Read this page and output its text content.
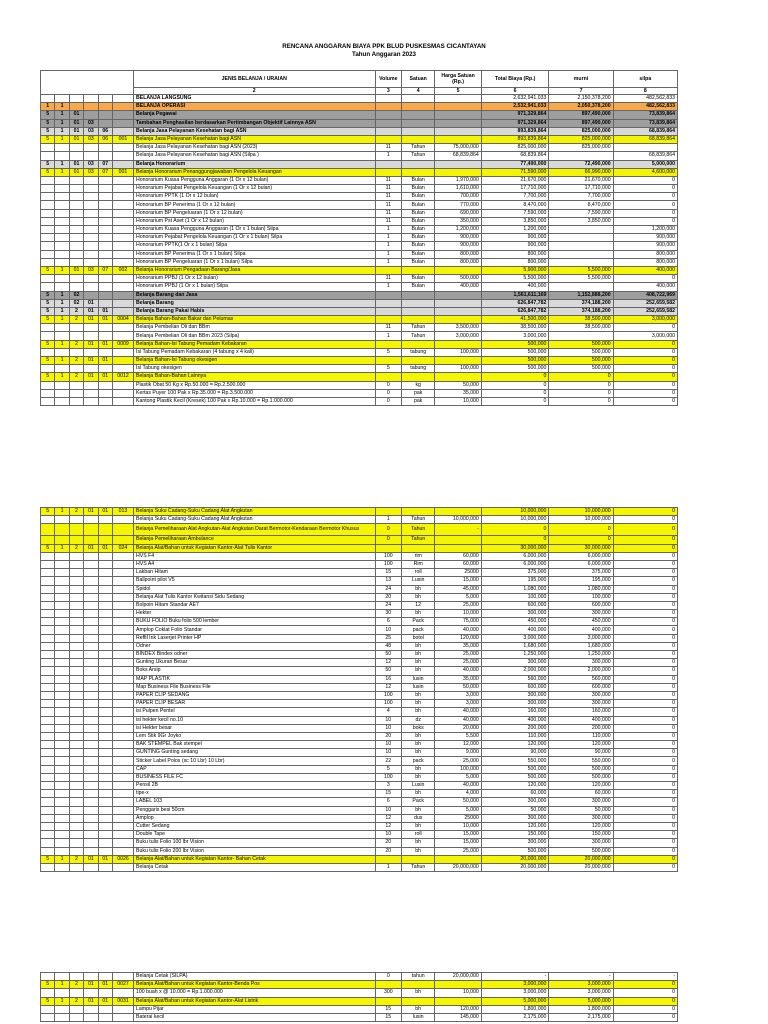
RENCANA ANGGARAN BIAYA PPK BLUD PUSKESMAS CICANTAYAN
Tahun Anggaran 2023
						JENIS BELANJA / URAIAN	Volume	Satuan	Harga Satuan (Rp.)	Total Biaya (Rp.)	murni	silpa
						2	3	4	5	6	7	8
						BELANJA LANGSUNG				2,632,941,033	2,150,378,200	482,562,833
1	1					BELANJA OPERASI				2,532,941,033	2,050,378,200	482,562,833
5	1	01				Belanja Pegawai				971,329,864	897,490,000	73,839,864
5	1	01	03			Tambahan Penghasilan berdasarkan Pertimbangan Objektif Lainnya ASN				971,329,864	897,490,000	73,839,864
5	1	01	03	06		Belanja Jasa Pelayanan Kesehatan bagi ASN				893,839,864	825,000,000	68,839,864
5	1	01	03	06	001	Belanja Jasa Pelayanan Kesehatan bagi ASN				893,839,864	825,000,000	68,839,864
						Belanja Jasa Pelayanan Kesehatan bagi ASN (2023)	11	Tahun	75,000,000	825,000,000	825,000,000	
						Belanja Jasa Pelayanan Kesehatan bagi ASN (Silpa )	1	Tahun	68,839,864	68,839,864		68,839,864
5	1	01	03	07		Belanja Honorarium				77,490,000	72,490,000	5,000,000
5	1	01	03	07	001	Belanja Honorarium Penanggungjawaban Pengelola Keuangan				71,590,000	66,990,000	4,600,000
						Honorarium Kuasa Pengguna Anggaran (1 Or x 12 bulan)	11	Bulan	1,970,000	21,670,000	21,670,000	0
						Honorarium Pejabat Pengelola Keuangan (1 Or x 12 bulan)	11	Bulan	1,610,000	17,710,000	17,710,000	0
						Honorarium PPTK (1 Or x 12 bulan)	11	Bulan	700,000	7,700,000	7,700,000	0
						Honorarium BP Penerima (1 Or x 12 bulan)	11	Bulan	770,000	8,470,000	8,470,000	0
						Honorarium BP Pengeluaran (1 Or x 12 bulan)	11	Bulan	690,000	7,590,000	7,590,000	0
						Honorarium Pst Aset (1 Or x 12 bulan)	11	Bulan	350,000	3,850,000	3,850,000	0
						Honorarium Kuasa Pengguna Anggaran (1 Or x 1 bulan) Silpa	1	Bulan	1,200,000	1,200,000		1,200,000
						Honorarium Pejabat Pengelola Keuangan (1 Or x 1 bulan) Silpa	1	Bulan	900,000	900,000		900,000
						Honorarium PPTK(1 Or x 1 bulan) Silpa	1	Bulan	900,000	900,000		900,000
						Honorarium BP Penerima (1 Or x 1 bulan) Silpa	1	Bulan	800,000	800,000		800,000
						Honorarium BP Pengeluaran (1 Or x 1 bulan) Silpa	1	Bulan	800,000	800,000		800,000
5	1	01	03	07	002	Belanja Honorarium Pengadaan Barang/Jasa				5,900,000	5,500,000	400,000
						Honorarium PPBJ (1 Or x 12 bulan)	11	Bulan	500,000	5,500,000	5,500,000	0
						Honorarium PPBJ (1 Or x 1 bulan) Silpa	1	Bulan	400,000	400,000		400,000
5	1	02				Belanja Barang dan Jasa				1,561,611,169	1,152,888,200	408,722,969
5	1	02	01			Belanja Barang				626,847,782	374,188,200	252,659,582
5	1	2	01	01		Belanja Barang Pakai Habis				626,847,782	374,188,200	252,659,582
5	1	2	01	01	0004	Belanja Bahan-Bahan Bakar dan Pelumas				41,500,000	38,500,000	3,000,000
						Belanja Pembelian Oli dan BBm	11	Tahun	3,500,000	38,500,000	38,500,000	0
						Belanja Pembelian Oli dan BBm 2023 (Silpa)	1	Tahun	3,000,000	3,000,000		3,000,000
5	1	2	01	01	0009	Belanja Bahan-Isi Tabung Pemadam Kebakaran				500,000	500,000	0
						Isi Tabung Pemadam Kebakaran (4 tabung x 4 kali)	5	tabung	100,000	500,000	500,000	0
5	1	2	01	01		Belanja Bahan-Isi Tabung okesigen				500,000	500,000	0
						Isi Tabung okesigen	5	tabung	100,000	500,000	500,000	0
5	1	2	01	01	0012	Belanja Bahan-Bahan Lainnya				0	0	0
						Plastik Obat 50 Kg x Rp.50.000 = Rp.2.500.000	0	kg	50,000	0	0	0
						Kertas Puyer 100 Pak x Rp.35.000 = Rp.3.500.000	0	pak	35,000	0	0	0
						Kantong Plastik Kecil (Kresek) 100 Pak x Rp.10.000 = Rp.1.000.000	0	pak	10,000	0	0	0
5	1	2	01	01	013	Belanja Suku Cadang-Suku Cadang Alat Angkutan				10,000,000	10,000,000	0
						Belanja Suku Cadang-Suku Cadang Alat Angkutan	1	Tahun	10,000,000	10,000,000	10,000,000	0
						Belanja Pemeliharaan Alat Angkutan-Alat Angkutan Darat Bermotor-Kendaraan Bermotor Khusus	0	Tahun	-	0	0	0
						Belanja Pemeliharaan Ambulance	0	Tahun		0	0	0
5	1	2	01	01	024	Belanja Alat/Bahan untuk Kegiatan Kantor-Alat Tulis Kantor				30,000,000	30,000,000	0
						HVS F4	100	rim	60,000	6,000,000	6,000,000	0
						HVS A4	100	Rim	60,000	6,000,000	6,000,000	0
						Lakban Hitam	15	roll	25000	375,000	375,000	0
						Ballpoint pilot V5	13	Lusin	15,000	195,000	195,000	0
						Spidol	24	bh	45,000	1,080,000	1,080,000	0
						Belanja Alat Tulis Kantor Kwitansi Sidu Sedang	20	bh	5,000	100,000	100,000	0
						Bolpoin Hitam Standar AE7	24	12	25,000	600,000	600,000	0
						Hekter	30	bh	10,000	300,000	300,000	0
						BUKU FOLIO Buku folio 500 lember	6	Pack	75,000	450,000	450,000	0
						Amplop Coklat Folio Standar	10	pack	40,000	400,000	400,000	0
						Reffil Ink Laserjet Printer HP	25	botol	120,000	3,000,000	3,000,000	0
						Odner	48	bh	35,000	1,680,000	1,680,000	0
						BINDEX Bindex odner	50	bh	25,000	1,250,000	1,250,000	0
						Gunting Ukuran Besar	12	bh	25,000	300,000	300,000	0
						Boks Arsip	50	bh	40,000	2,000,000	2,000,000	0
						MAP PLASTIK	16	lusin	35,000	560,000	560,000	0
						Map Business File Business File	12	lusin	50,000	600,000	600,000	0
						PAPER CLIP SEDANG	100	bh	3,000	300,000	300,000	0
						PAPER CLIP BESAR	100	bh	3,000	300,000	300,000	0
						isi Pulpen Pentel	4	bh	40,000	160,000	160,000	0
						isi hekter kecil no.10	10	dz	40,000	400,000	400,000	0
						isi Hekter besar	10	boks	20,000	200,000	200,000	0
						Lem Stik 9Gr Joyko	20	bh	5,500	110,000	110,000	0
						BAK STEMPEL Bak stempel	10	bh	12,000	120,000	120,000	0
						GUNTING Gunting sedang	10	bh	9,000	90,000	90,000	0
						Sticker Label Polos (sc 10 Lbr) 10 Lbr)	22	pack	25,000	550,000	550,000	0
						CAP	5	bh	100,000	500,000	500,000	0
						BUSINESS FILE FC	100	bh	5,000	500,000	500,000	0
						Pensil 2B	3	Lusin	40,000	120,000	120,000	0
						tipe-x	15	bh	4,000	60,000	60,000	0
						LABEL 103	6	Pack	50,000	300,000	300,000	0
						Penggaris besi 50cm	10	bh	5,000	50,000	50,000	0
						Amplop	12	dus	25000	300,000	300,000	0
						Cutter Sedang	12	bh	10,000	120,000	120,000	0
						Double Tape	10	roll	15,000	150,000	150,000	0
						Buku tulis Folio 100 lbr Vision	20	bh	15,000	300,000	300,000	0
						Buku tulis Folio 200 lbr Vision	20	bh	25,000	500,000	500,000	0
5	1	2	01	01	0026	Belanja Alat/Bahan untuk Kegiatan Kantor- Bahan Cetak				20,000,000	20,000,000	0
						Belanja Cetak	1	Tahun	20,000,000	20,000,000	20,000,000	0
						Belanja Cetak (SILPA)	0	tahun	20,000,000	-	-	-
5	1	2	01	01	0027	Belanja Alat/Bahan untuk Kegiatan Kantor-Benda Pos				3,000,000	3,000,000	0
						100 buah x @ 10.000 = Rp.1.000.000	300	bh	10,000	3,000,000	3,000,000	0
5	1	2	01	01	0031	Belanja Alat/Bahan untuk Kegiatan Kantor-Alat Listrik				5,000,000	5,000,000	0
						Lampu Pijar	15	bh	120,000	1,800,000	1,800,000	0
						Baterai kecil	15	lusin	145,000	2,175,000	2,175,000	0
